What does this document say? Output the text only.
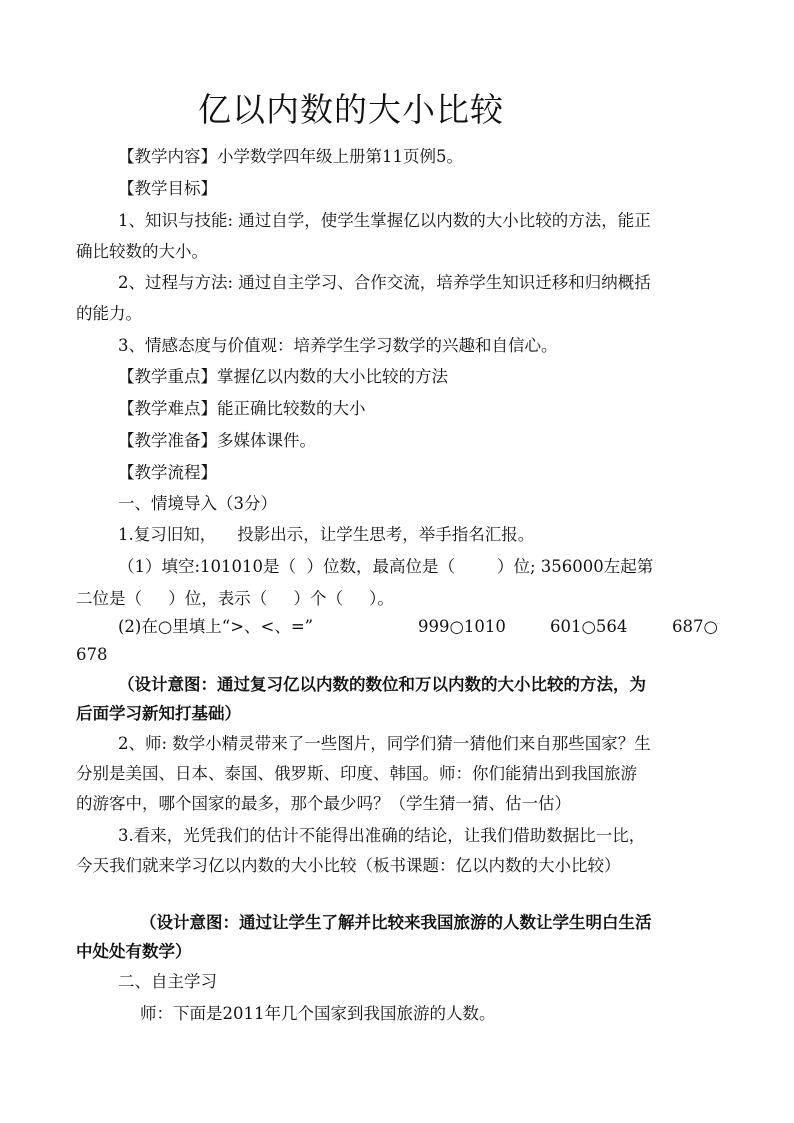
亿以内数的大小比较
【教学内容】小学数学四年级上册第11页例5。
【教学目标】
1、知识与技能: 通过自学，使学生掌握亿以内数的大小比较的方法，能正
确比较数的大小。
2、过程与方法: 通过自主学习、合作交流，培养学生知识迁移和归纳概括
的能力。
3、情感态度与价值观：培养学生学习数学的兴趣和自信心。
【教学重点】掌握亿以内数的大小比较的方法
【教学难点】能正确比较数的大小
【教学准备】多媒体课件。
【教学流程】
一、情境导入（3分）
1.复习旧知，    投影出示，让学生思考，举手指名汇报。
（1）填空:101010是（  ）位数，最高位是（        ）位; 356000左起第
二位是（     ）位，表示（     ）个（     ）。
(2)在○里填上“>、<、=”	999○1010	601○564	687○
678
（设计意图：通过复习亿以内数的数位和万以内数的大小比较的方法，为
后面学习新知打基础）
2、师: 数学小精灵带来了一些图片，同学们猜一猜他们来自那些国家？生
分别是美国、日本、泰国、俄罗斯、印度、韩国。师：你们能猜出到我国旅游
的游客中，哪个国家的最多，那个最少吗？（学生猜一猜、估一估）
3.看来，光凭我们的估计不能得出准确的结论，让我们借助数据比一比，
今天我们就来学习亿以内数的大小比较（板书课题：亿以内数的大小比较）
（设计意图：通过让学生了解并比较来我国旅游的人数让学生明白生活
中处处有数学）
二、自主学习
师：下面是2011年几个国家到我国旅游的人数。
